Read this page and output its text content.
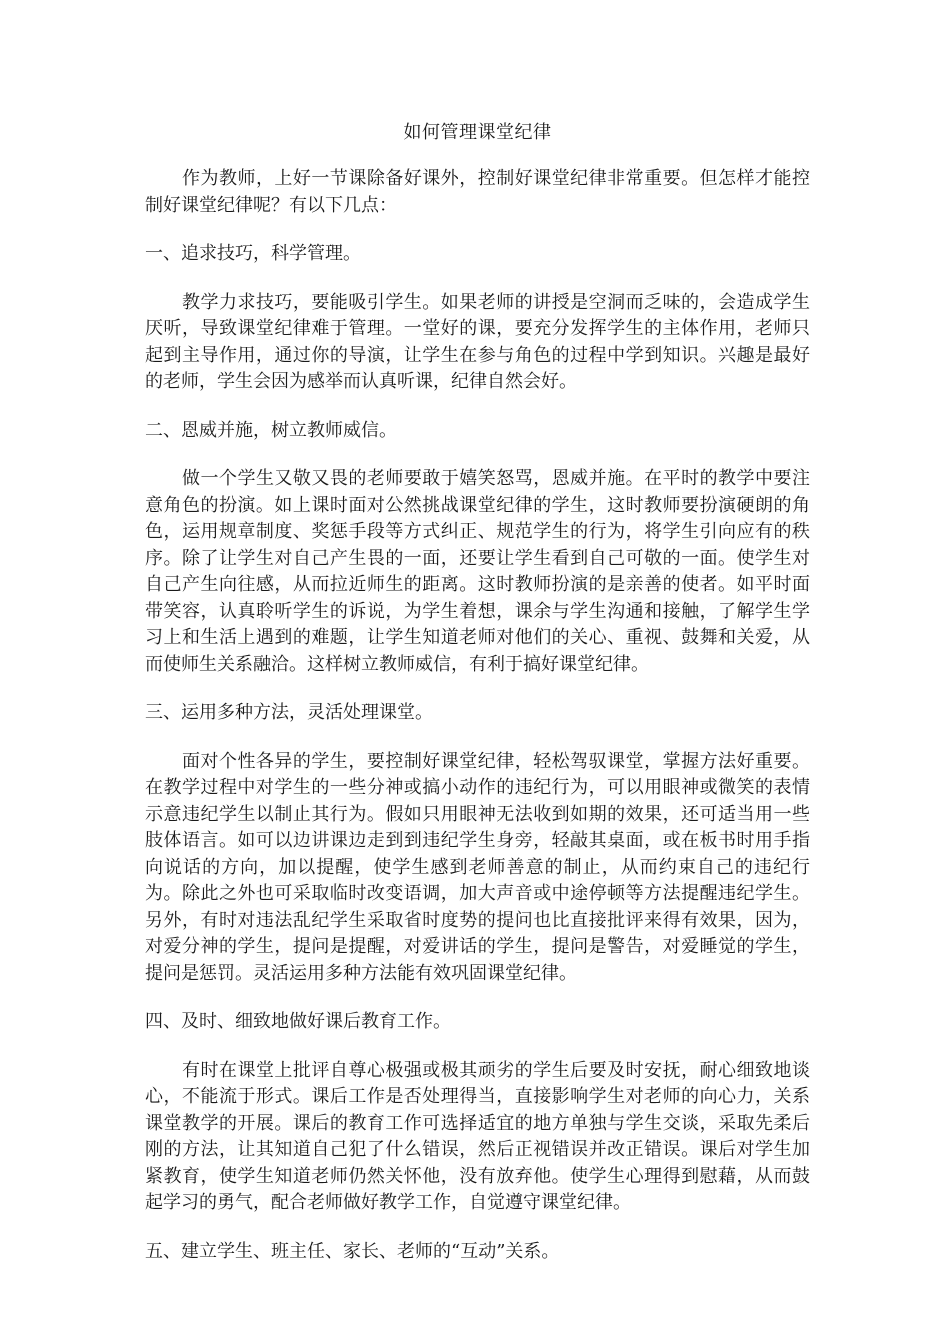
如何管理课堂纪律

作为教师，上好一节课除备好课外，控制好课堂纪律非常重要。但怎样才能控制好课堂纪律呢？有以下几点：

一、追求技巧，科学管理。

教学力求技巧，要能吸引学生。如果老师的讲授是空洞而乏味的，会造成学生厌听，导致课堂纪律难于管理。一堂好的课，要充分发挥学生的主体作用，老师只起到主导作用，通过你的导演，让学生在参与角色的过程中学到知识。兴趣是最好的老师，学生会因为感举而认真听课，纪律自然会好。

二、恩威并施，树立教师威信。

做一个学生又敬又畏的老师要敢于嬉笑怒骂，恩威并施。在平时的教学中要注意角色的扮演。如上课时面对公然挑战课堂纪律的学生，这时教师要扮演硬朗的角色，运用规章制度、奖惩手段等方式纠正、规范学生的行为，将学生引向应有的秩序。除了让学生对自己产生畏的一面，还要让学生看到自己可敬的一面。使学生对自己产生向往感，从而拉近师生的距离。这时教师扮演的是亲善的使者。如平时面带笑容，认真聆听学生的诉说，为学生着想，课余与学生沟通和接触，了解学生学习上和生活上遇到的难题，让学生知道老师对他们的关心、重视、鼓舞和关爱，从而使师生关系融洽。这样树立教师威信，有利于搞好课堂纪律。

三、运用多种方法，灵活处理课堂。

面对个性各异的学生，要控制好课堂纪律，轻松驾驭课堂，掌握方法好重要。在教学过程中对学生的一些分神或搞小动作的违纪行为，可以用眼神或微笑的表情示意违纪学生以制止其行为。假如只用眼神无法收到如期的效果，还可适当用一些肢体语言。如可以边讲课边走到到违纪学生身旁，轻敲其桌面，或在板书时用手指向说话的方向，加以提醒，使学生感到老师善意的制止，从而约束自己的违纪行为。除此之外也可采取临时改变语调，加大声音或中途停顿等方法提醒违纪学生。另外，有时对违法乱纪学生采取省时度势的提问也比直接批评来得有效果，因为，对爱分神的学生，提问是提醒，对爱讲话的学生，提问是警告，对爱睡觉的学生，提问是惩罚。灵活运用多种方法能有效巩固课堂纪律。

四、及时、细致地做好课后教育工作。

有时在课堂上批评自尊心极强或极其顽劣的学生后要及时安抚，耐心细致地谈心，不能流于形式。课后工作是否处理得当，直接影响学生对老师的向心力，关系课堂教学的开展。课后的教育工作可选择适宜的地方单独与学生交谈，采取先柔后刚的方法，让其知道自己犯了什么错误，然后正视错误并改正错误。课后对学生加紧教育，使学生知道老师仍然关怀他，没有放弃他。使学生心理得到慰藉，从而鼓起学习的勇气，配合老师做好教学工作，自觉遵守课堂纪律。

五、建立学生、班主任、家长、老师的“互动”关系。
